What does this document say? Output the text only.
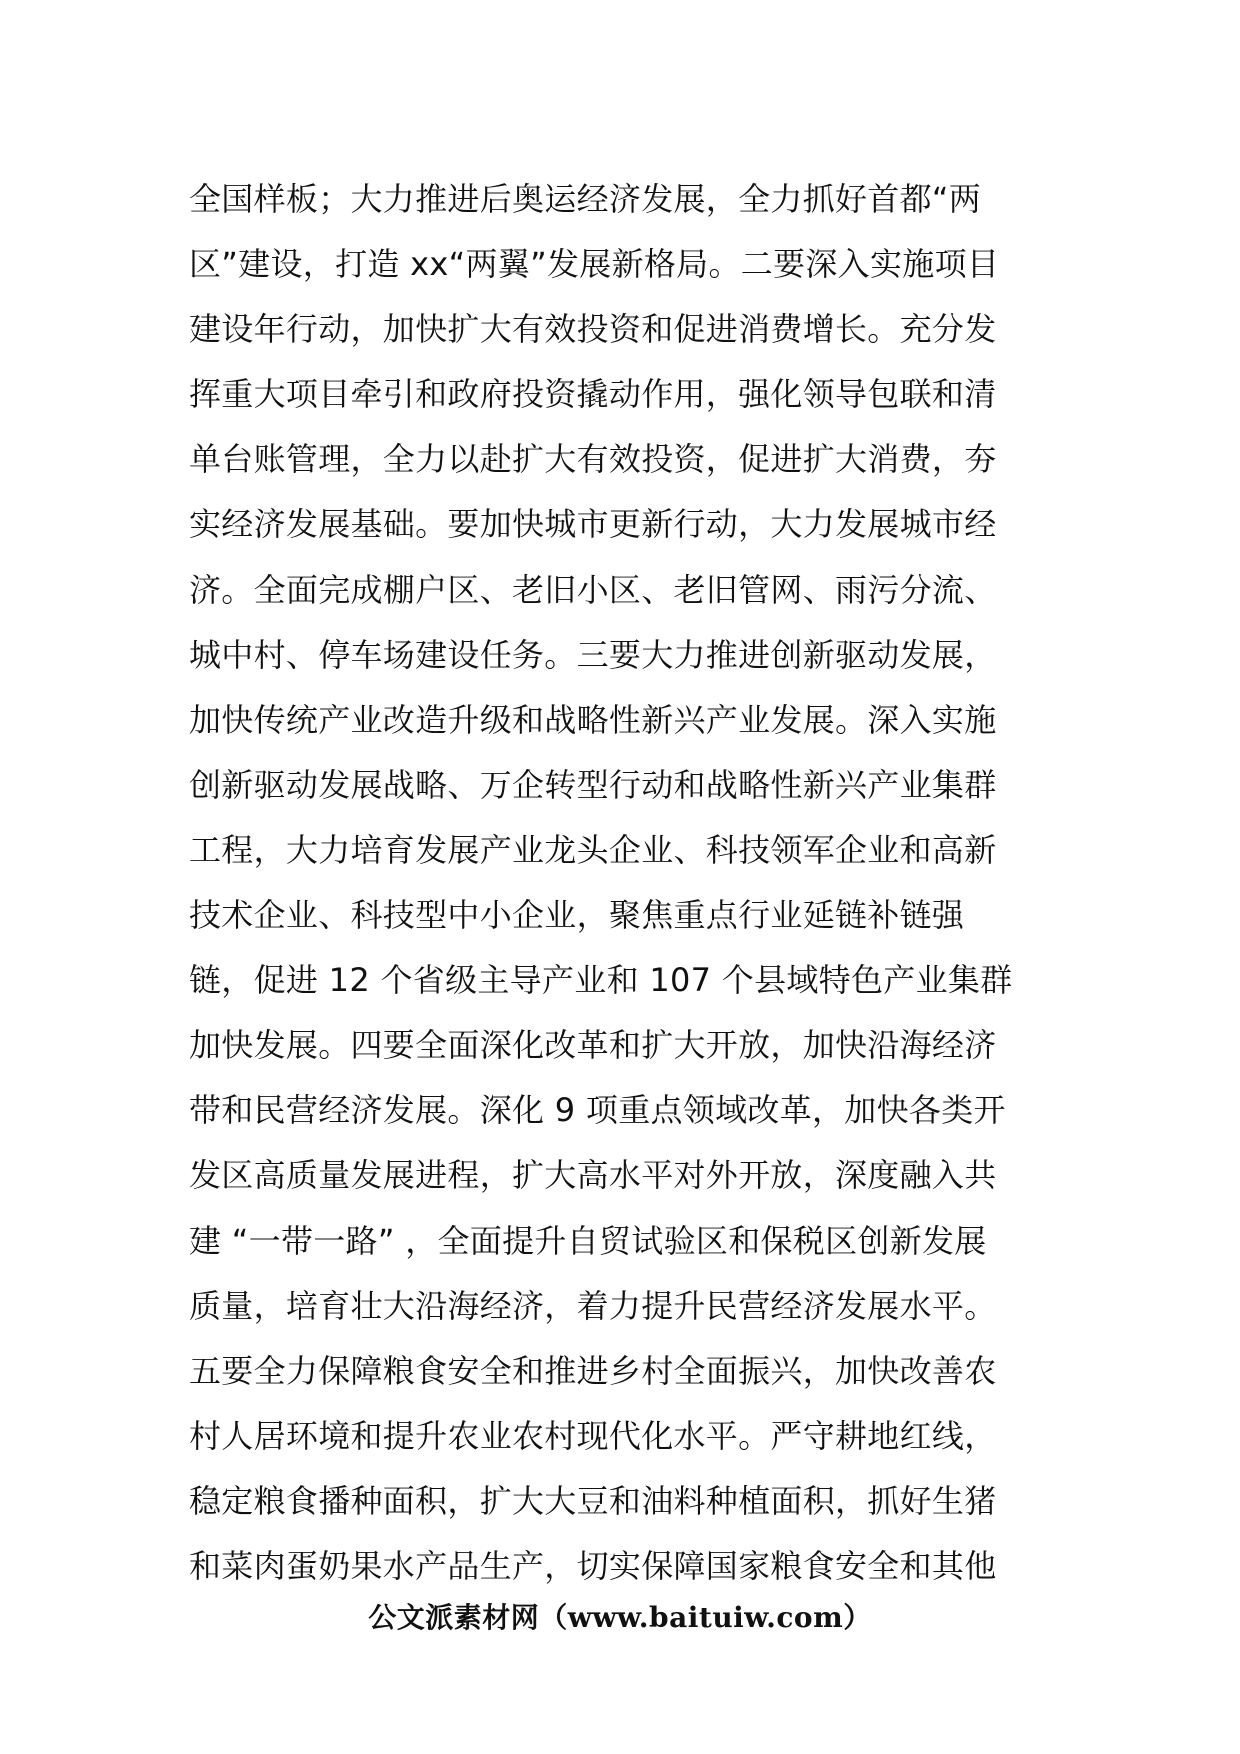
全国样板；大力推进后奥运经济发展，全力抓好首都“两
区”建设，打造 xx“两翼”发展新格局。二要深入实施项目
建设年行动，加快扩大有效投资和促进消费增长。充分发
挥重大项目牵引和政府投资撬动作用，强化领导包联和清
单台账管理，全力以赴扩大有效投资，促进扩大消费，夯
实经济发展基础。要加快城市更新行动，大力发展城市经
济。全面完成棚户区、老旧小区、老旧管网、雨污分流、
城中村、停车场建设任务。三要大力推进创新驱动发展，
加快传统产业改造升级和战略性新兴产业发展。深入实施
创新驱动发展战略、万企转型行动和战略性新兴产业集群
工程，大力培育发展产业龙头企业、科技领军企业和高新
技术企业、科技型中小企业，聚焦重点行业延链补链强
链，促进 12 个省级主导产业和 107 个县域特色产业集群
加快发展。四要全面深化改革和扩大开放，加快沿海经济
带和民营经济发展。深化 9 项重点领域改革，加快各类开
发区高质量发展进程，扩大高水平对外开放，深度融入共
建 “一带一路” ，全面提升自贸试验区和保税区创新发展
质量，培育壮大沿海经济，着力提升民营经济发展水平。
五要全力保障粮食安全和推进乡村全面振兴，加快改善农
村人居环境和提升农业农村现代化水平。严守耕地红线，
稳定粮食播种面积，扩大大豆和油料种植面积，抓好生猪
和菜肉蛋奶果水产品生产，切实保障国家粮食安全和其他
公文派素材网（www.baituiw.com）
